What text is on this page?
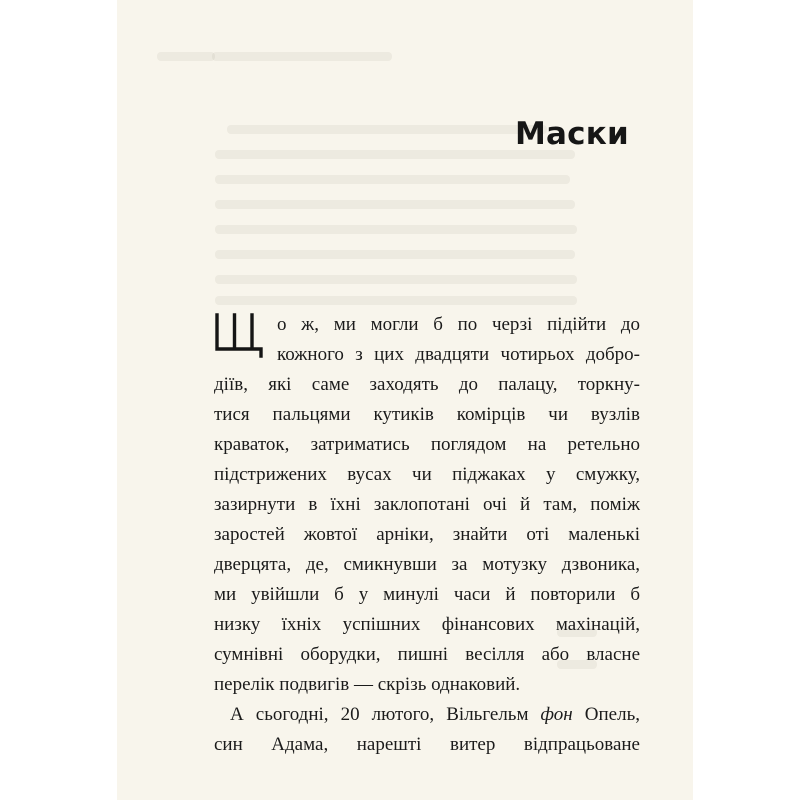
Маски
о ж, ми могли б по черзі підійти до
кожного з цих двадцяти чотирьох добро-
діїв, які саме заходять до палацу, торкну-
тися пальцями кутиків комірців чи вузлів
краваток, затриматись поглядом на ретельно
підстрижених вусах чи піджаках у смужку,
зазирнути в їхні заклопотані очі й там, поміж
заростей жовтої арніки, знайти оті маленькі
дверцята, де, смикнувши за мотузку дзвоника,
ми увійшли б у минулі часи й повторили б
низку їхніх успішних фінансових махінацій,
сумнівні оборудки, пишні весілля або власне
перелік подвигів — скрізь однаковий.
А сьогодні, 20 лютого, Вільгельм фон Опель,
син Адама, нарешті витер відпрацьоване
